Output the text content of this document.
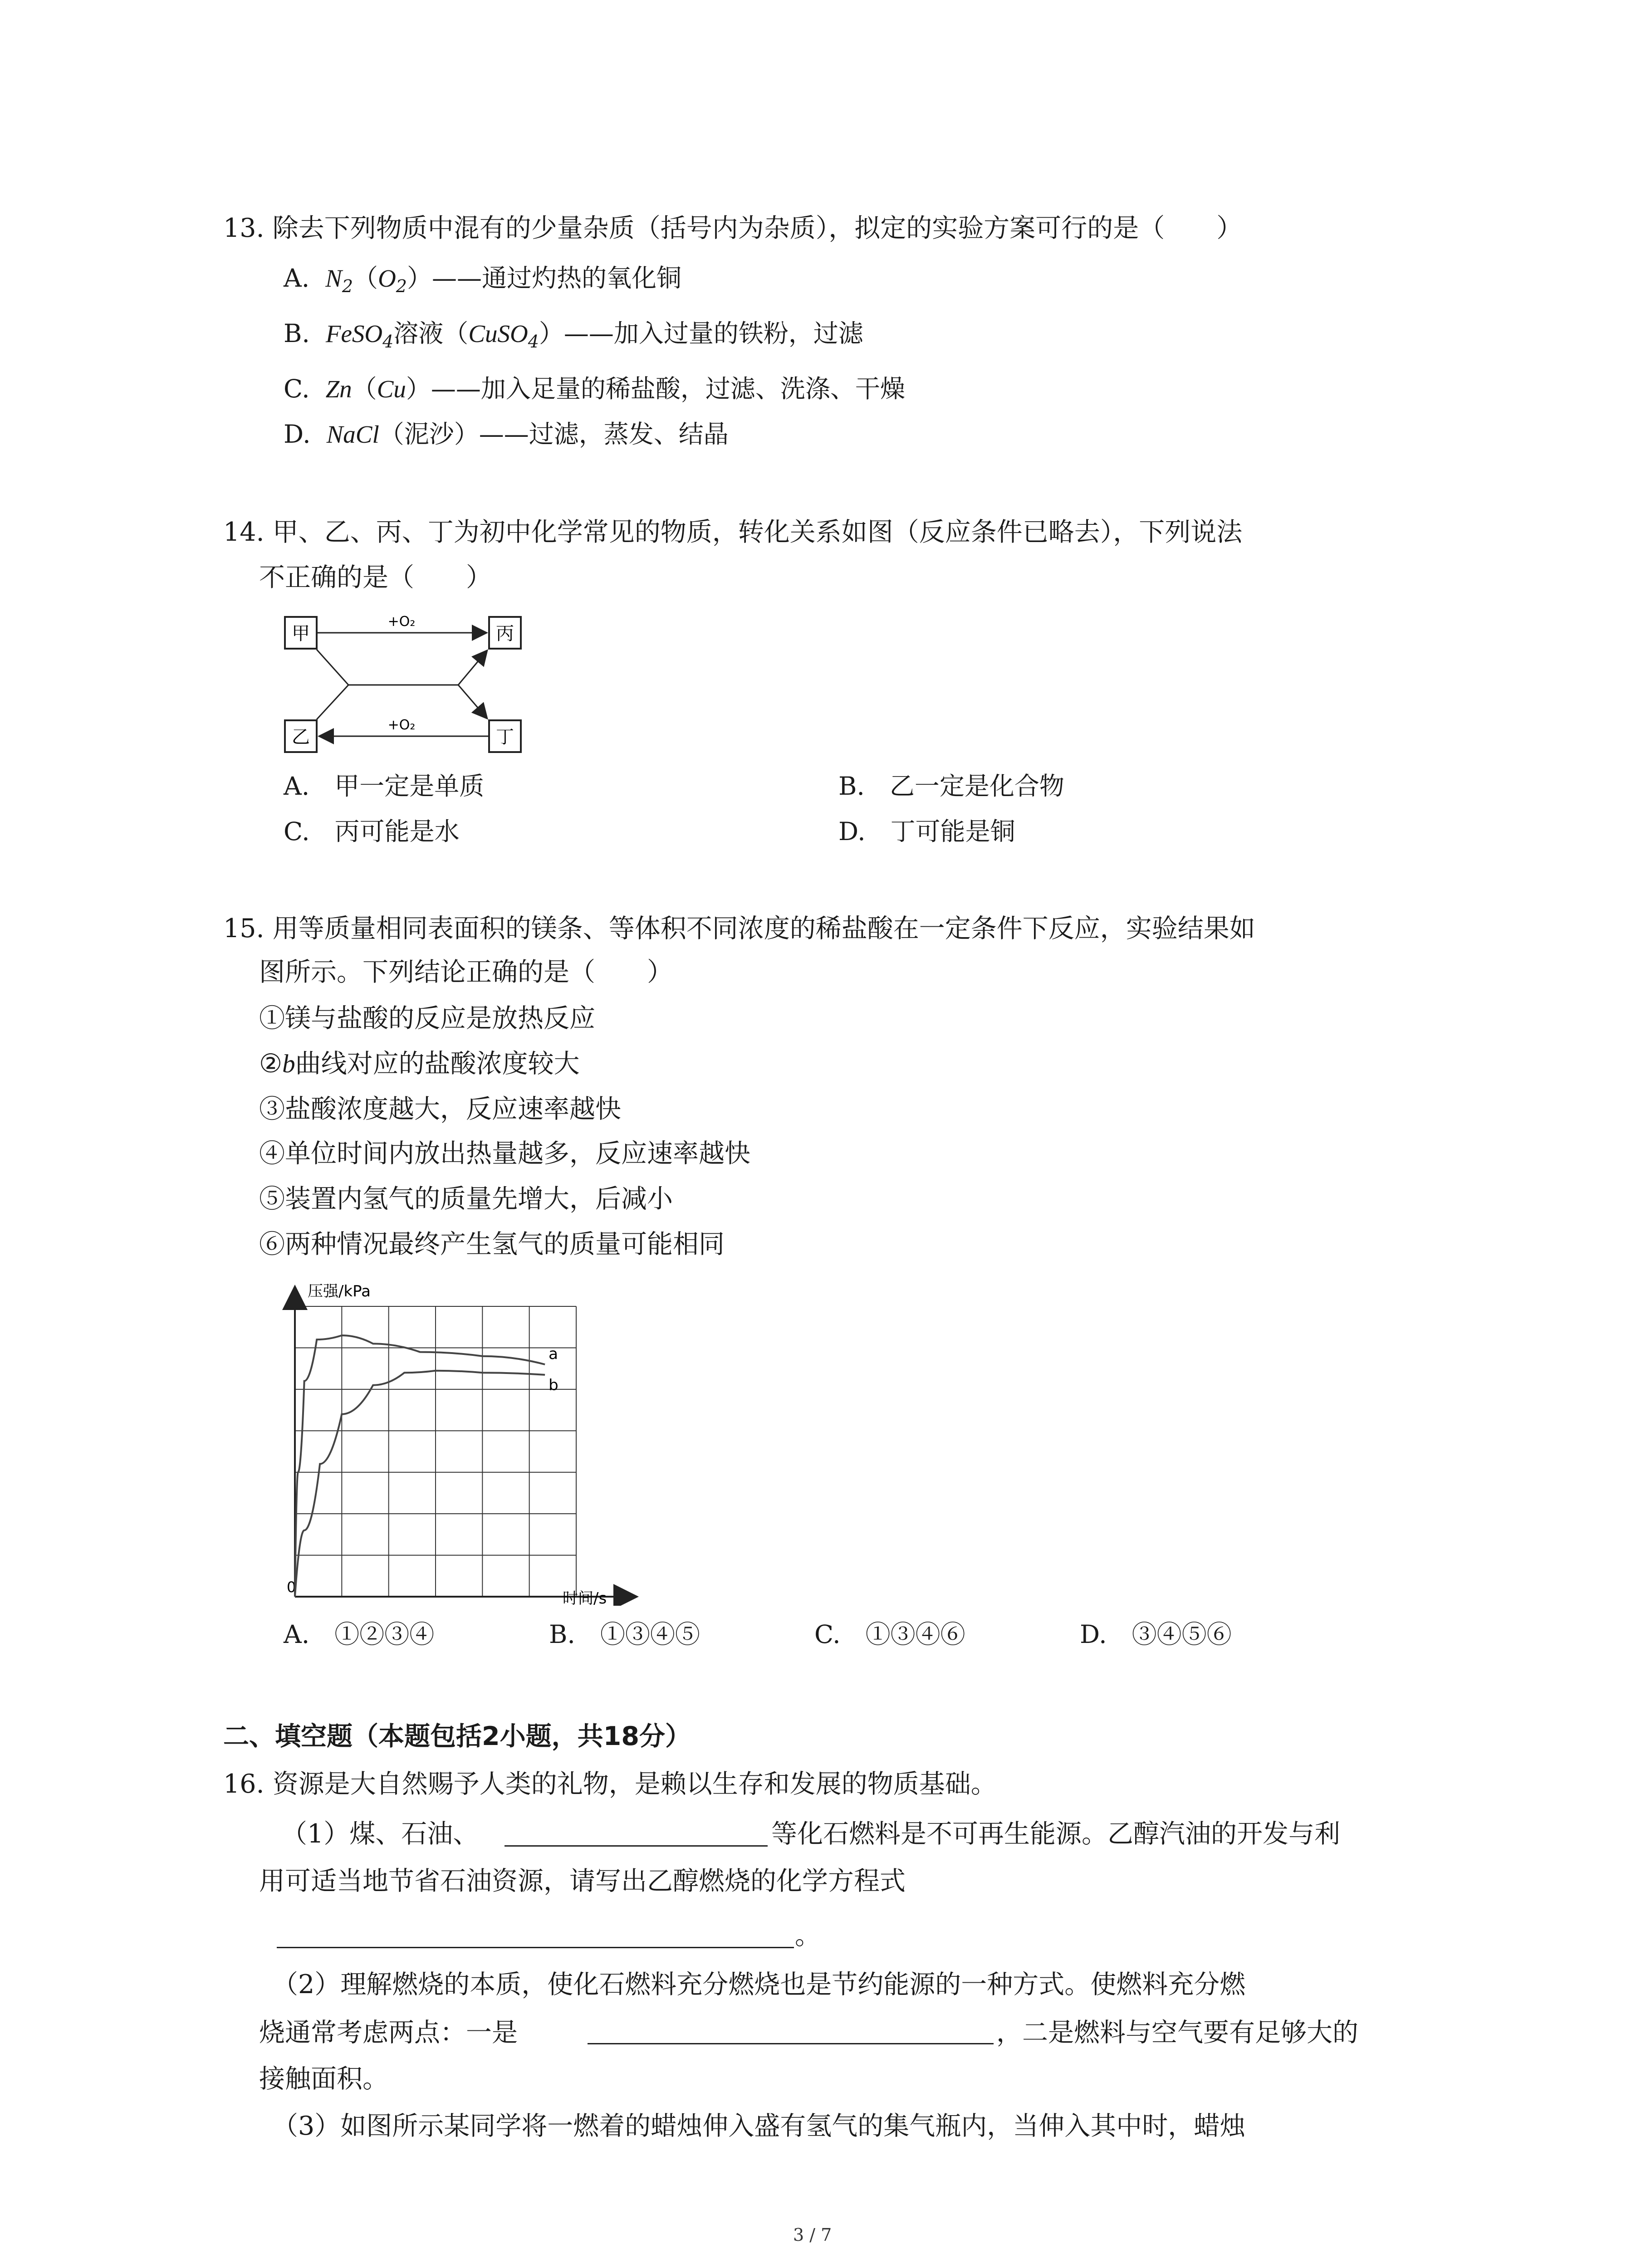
13. 除去下列物质中混有的少量杂质（括号内为杂质），拟定的实验方案可行的是（　　）
A. $N_2(O_2)——$通过灼热的氧化铜
B. FeSO$_4$溶液（CuSO$_4$）——加入过量的铁粉，过滤
C. Zn（Cu）——加入足量的稀盐酸，过滤、洗涤、干燥
D. NaCl（泥沙）——过滤，蒸发、结晶
14. 甲、乙、丙、丁为初中化学常见的物质，转化关系如图（反应条件已略去），下列说法
不正确的是（　　）
甲	丙
乙	丁
+O₂
+O₂
A.　甲一定是单质	B.　乙一定是化合物
C.　丙可能是水	D.　丁可能是铜
15. 用等质量相同表面积的镁条、等体积不同浓度的稀盐酸在一定条件下反应，实验结果如
图所示。下列结论正确的是（　　）
①镁与盐酸的反应是放热反应
②b曲线对应的盐酸浓度较大
③盐酸浓度越大，反应速率越快
④单位时间内放出热量越多，反应速率越快
⑤装置内氢气的质量先增大，后减小
⑥两种情况最终产生氢气的质量可能相同
压强/kPa
时间/s
0
a
b
A.　①②③④	B.　①③④⑤	C.　①③④⑥	D.　③④⑤⑥
二、填空题（本题包括2小题，共18分）
16. 资源是大自然赐予人类的礼物，是赖以生存和发展的物质基础。
（1）煤、石油、	等化石燃料是不可再生能源。乙醇汽油的开发与利
用可适当地节省石油资源，请写出乙醇燃烧的化学方程式
。
（2）理解燃烧的本质，使化石燃料充分燃烧也是节约能源的一种方式。使燃料充分燃
烧通常考虑两点：一是	，二是燃料与空气要有足够大的
接触面积。
（3）如图所示某同学将一燃着的蜡烛伸入盛有氢气的集气瓶内，当伸入其中时，蜡烛
3 / 7
